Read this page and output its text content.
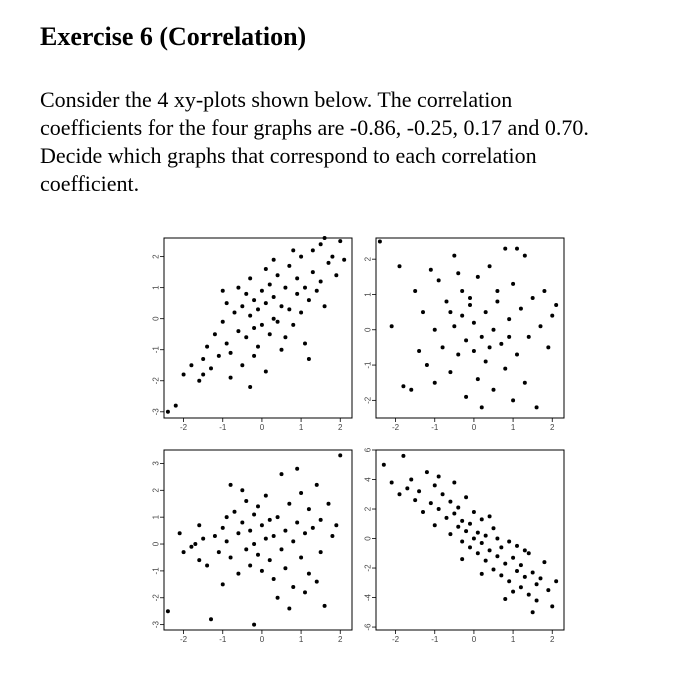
Exercise 6 (Correlation)

Consider the 4 xy-plots shown below. The correlation
coefficients for the four graphs are -0.86, -0.25, 0.17 and 0.70.
Decide which graphs that correspond to each correlation
coefficient.

-2	-1	0	1	2
-3
-2
-1
0
1
2
-2	-1	0	1	2
-2
-1
0
1
2
-2	-1	0	1	2
-3
-2
-1
0
1
2
3
-2	-1	0	1	2
-6
-4
-2
0
2
4
6
